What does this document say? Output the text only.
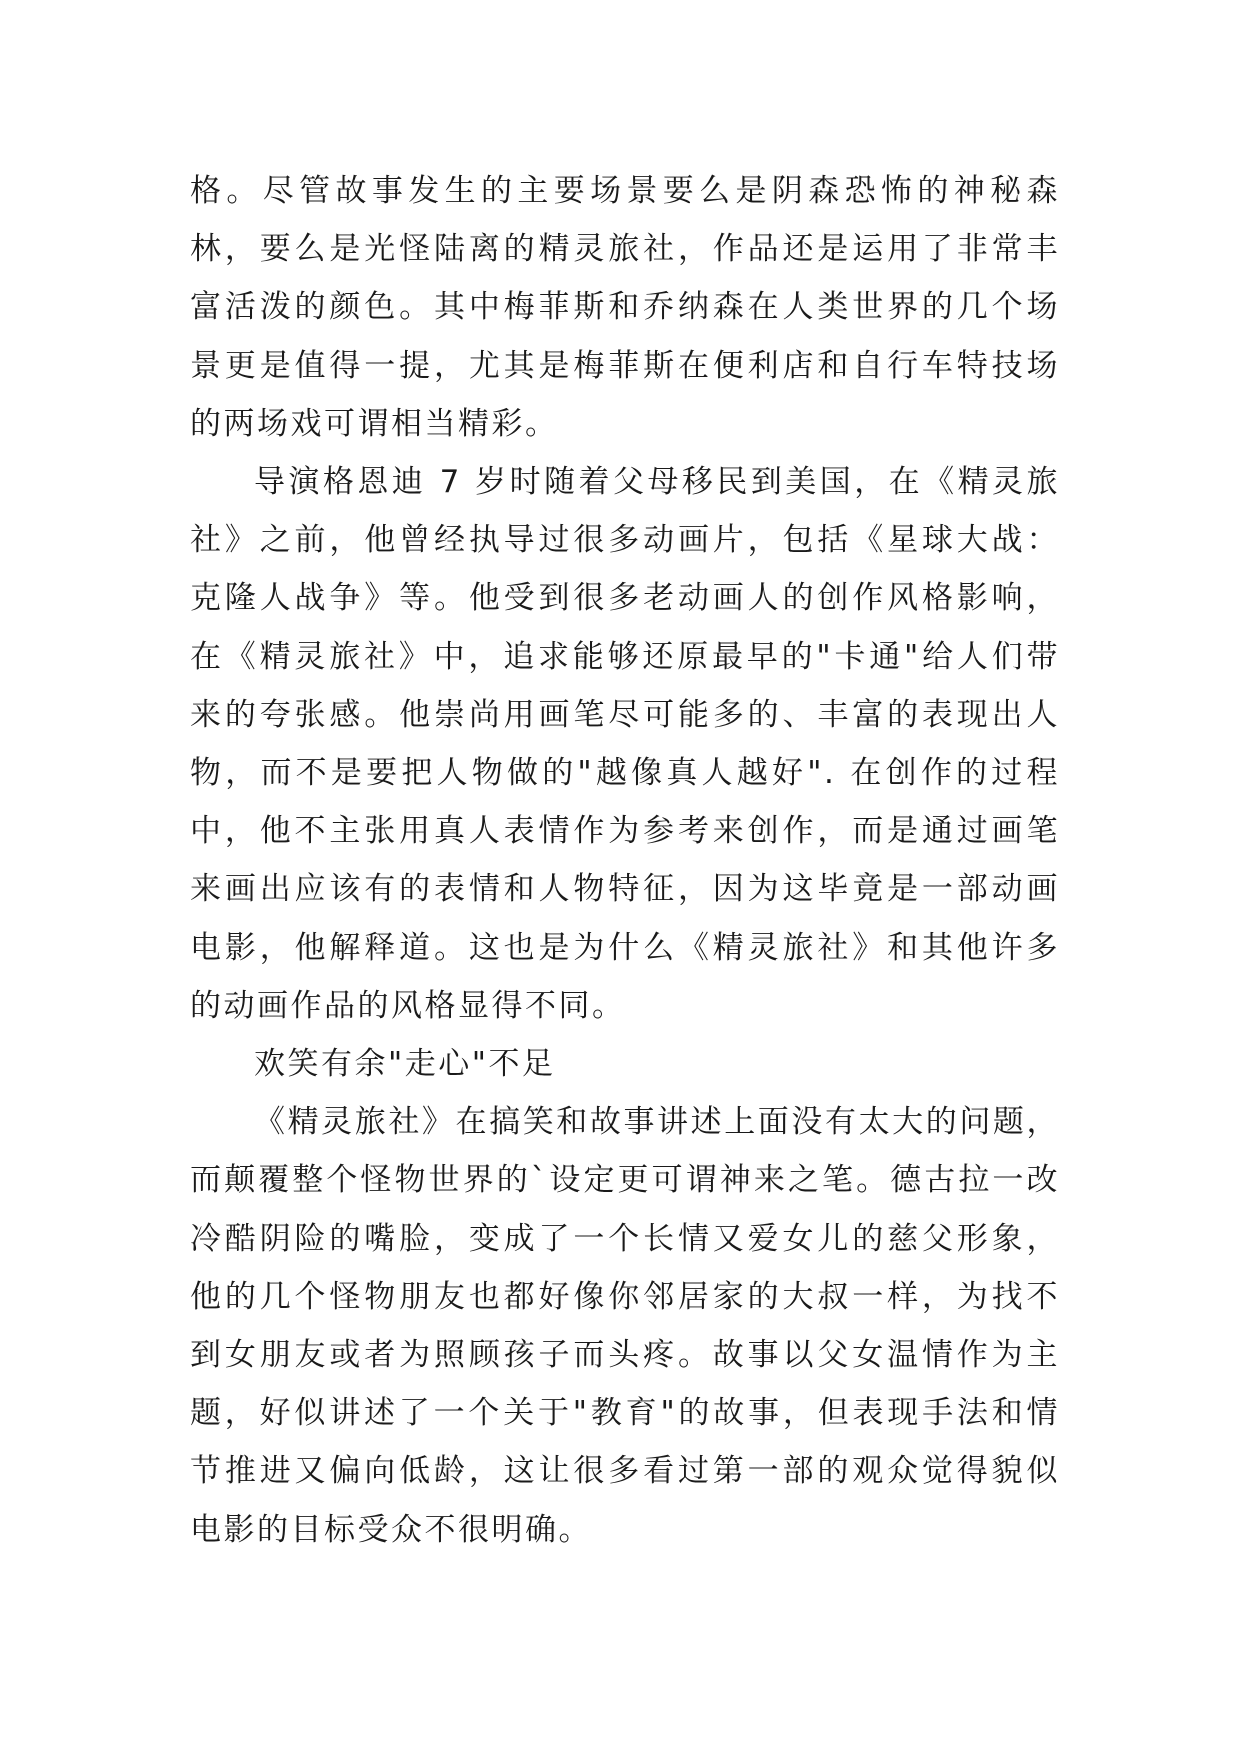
格。尽管故事发生的主要场景要么是阴森恐怖的神秘森林，要么是光怪陆离的精灵旅社，作品还是运用了非常丰富活泼的颜色。其中梅菲斯和乔纳森在人类世界的几个场景更是值得一提，尤其是梅菲斯在便利店和自行车特技场的两场戏可谓相当精彩。

导演格恩迪 7 岁时随着父母移民到美国，在《精灵旅社》之前，他曾经执导过很多动画片，包括《星球大战：克隆人战争》等。他受到很多老动画人的创作风格影响，在《精灵旅社》中，追求能够还原最早的"卡通"给人们带来的夸张感。他崇尚用画笔尽可能多的、丰富的表现出人物，而不是要把人物做的"越像真人越好". 在创作的过程中，他不主张用真人表情作为参考来创作，而是通过画笔来画出应该有的表情和人物特征，因为这毕竟是一部动画电影，他解释道。这也是为什么《精灵旅社》和其他许多的动画作品的风格显得不同。

欢笑有余"走心"不足

《精灵旅社》在搞笑和故事讲述上面没有太大的问题，而颠覆整个怪物世界的`设定更可谓神来之笔。德古拉一改冷酷阴险的嘴脸，变成了一个长情又爱女儿的慈父形象，他的几个怪物朋友也都好像你邻居家的大叔一样，为找不到女朋友或者为照顾孩子而头疼。故事以父女温情作为主题，好似讲述了一个关于"教育"的故事，但表现手法和情节推进又偏向低龄，这让很多看过第一部的观众觉得貌似电影的目标受众不很明确。
